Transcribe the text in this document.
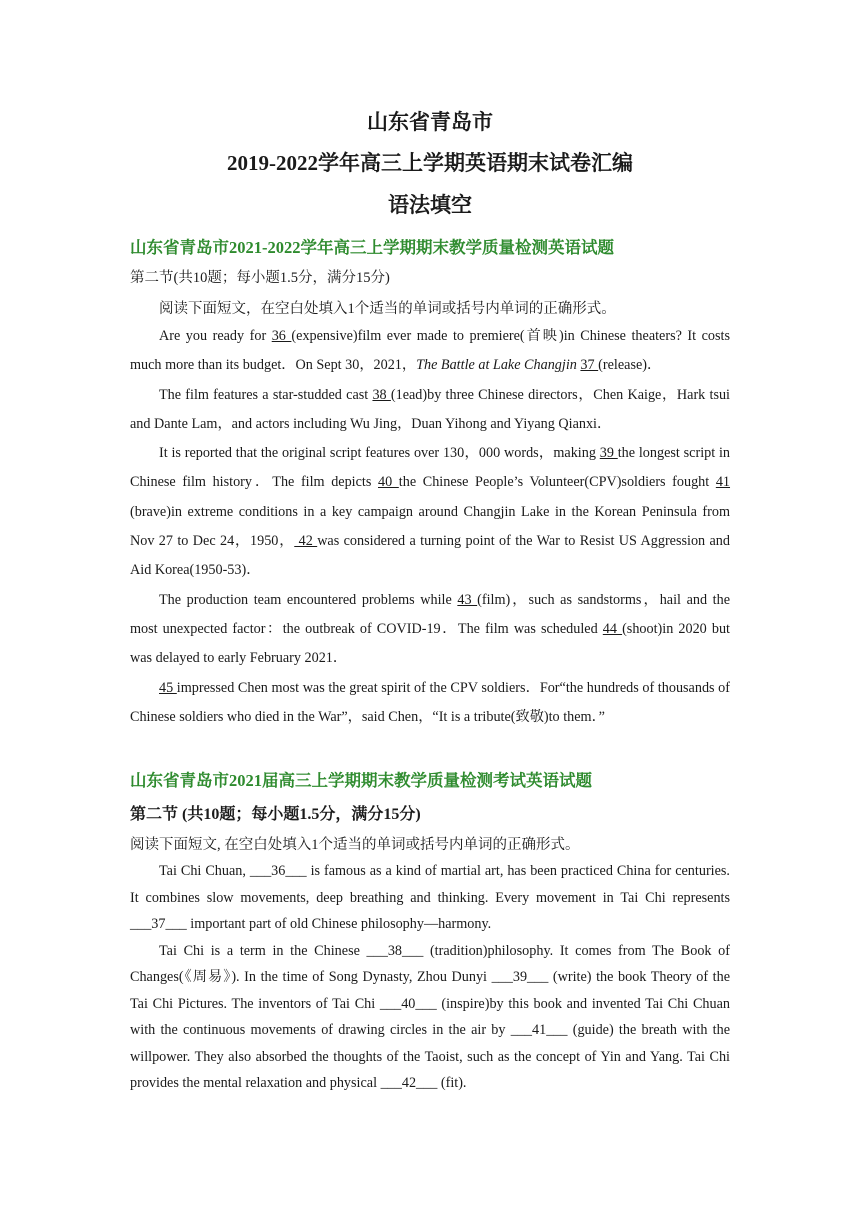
山东省青岛市

2019-2022学年高三上学期英语期末试卷汇编

语法填空

山东省青岛市2021-2022学年高三上学期期末教学质量检测英语试题
第二节(共10题；每小题1.5分，满分15分)
阅读下面短文，在空白处填入1个适当的单词或括号内单词的正确形式。

Are you ready for 36 (expensive)film ever made to premiere(首映)in Chinese theaters? It costs much more than its budget．On Sept 30，2021，The Battle at Lake Changjin 37 (release)．

The film features a star-studded cast 38 (1ead)by three Chinese directors，Chen Kaige，Hark tsui and Dante Lam，and actors including Wu Jing，Duan Yihong and Yiyang Qianxi．

It is reported that the original script features over 130，000 words，making 39 the longest script in Chinese film history．The film depicts 40 the Chinese People’s Volunteer(CPV)soldiers fought 41 (brave)in extreme conditions in a key campaign around Changjin Lake in the Korean Peninsula from Nov 27 to Dec 24，1950， 42 was considered a turning point of the War to Resist US Aggression and Aid Korea(1950-53)．

The production team encountered problems while 43 (film)，such as sandstorms，hail and the most unexpected factor：the outbreak of COVID-19．The film was scheduled 44 (shoot)in 2020 but was delayed to early February 2021．

45 impressed Chen most was the great spirit of the CPV soldiers．For“the hundreds of thousands of Chinese soldiers who died in the War”，said Chen，“It is a tribute(致敬)to them．”

山东省青岛市2021届高三上学期期末教学质量检测考试英语试题
第二节 (共10题；每小题1.5分，满分15分)
阅读下面短文, 在空白处填入1个适当的单词或括号内单词的正确形式。

Tai Chi Chuan, ___36___ is famous as a kind of martial art, has been practiced China for centuries. It combines slow movements, deep breathing and thinking. Every movement in Tai Chi represents ___37___ important part of old Chinese philosophy—harmony.

Tai Chi is a term in the Chinese ___38___ (tradition)philosophy. It comes from The Book of Changes(《周易》). In the time of Song Dynasty, Zhou Dunyi ___39___ (write) the book Theory of the Tai Chi Pictures. The inventors of Tai Chi ___40___ (inspire)by this book and invented Tai Chi Chuan with the continuous movements of drawing circles in the air by ___41___ (guide) the breath with the willpower. They also absorbed the thoughts of the Taoist, such as the concept of Yin and Yang. Tai Chi provides the mental relaxation and physical ___42___ (fit).
